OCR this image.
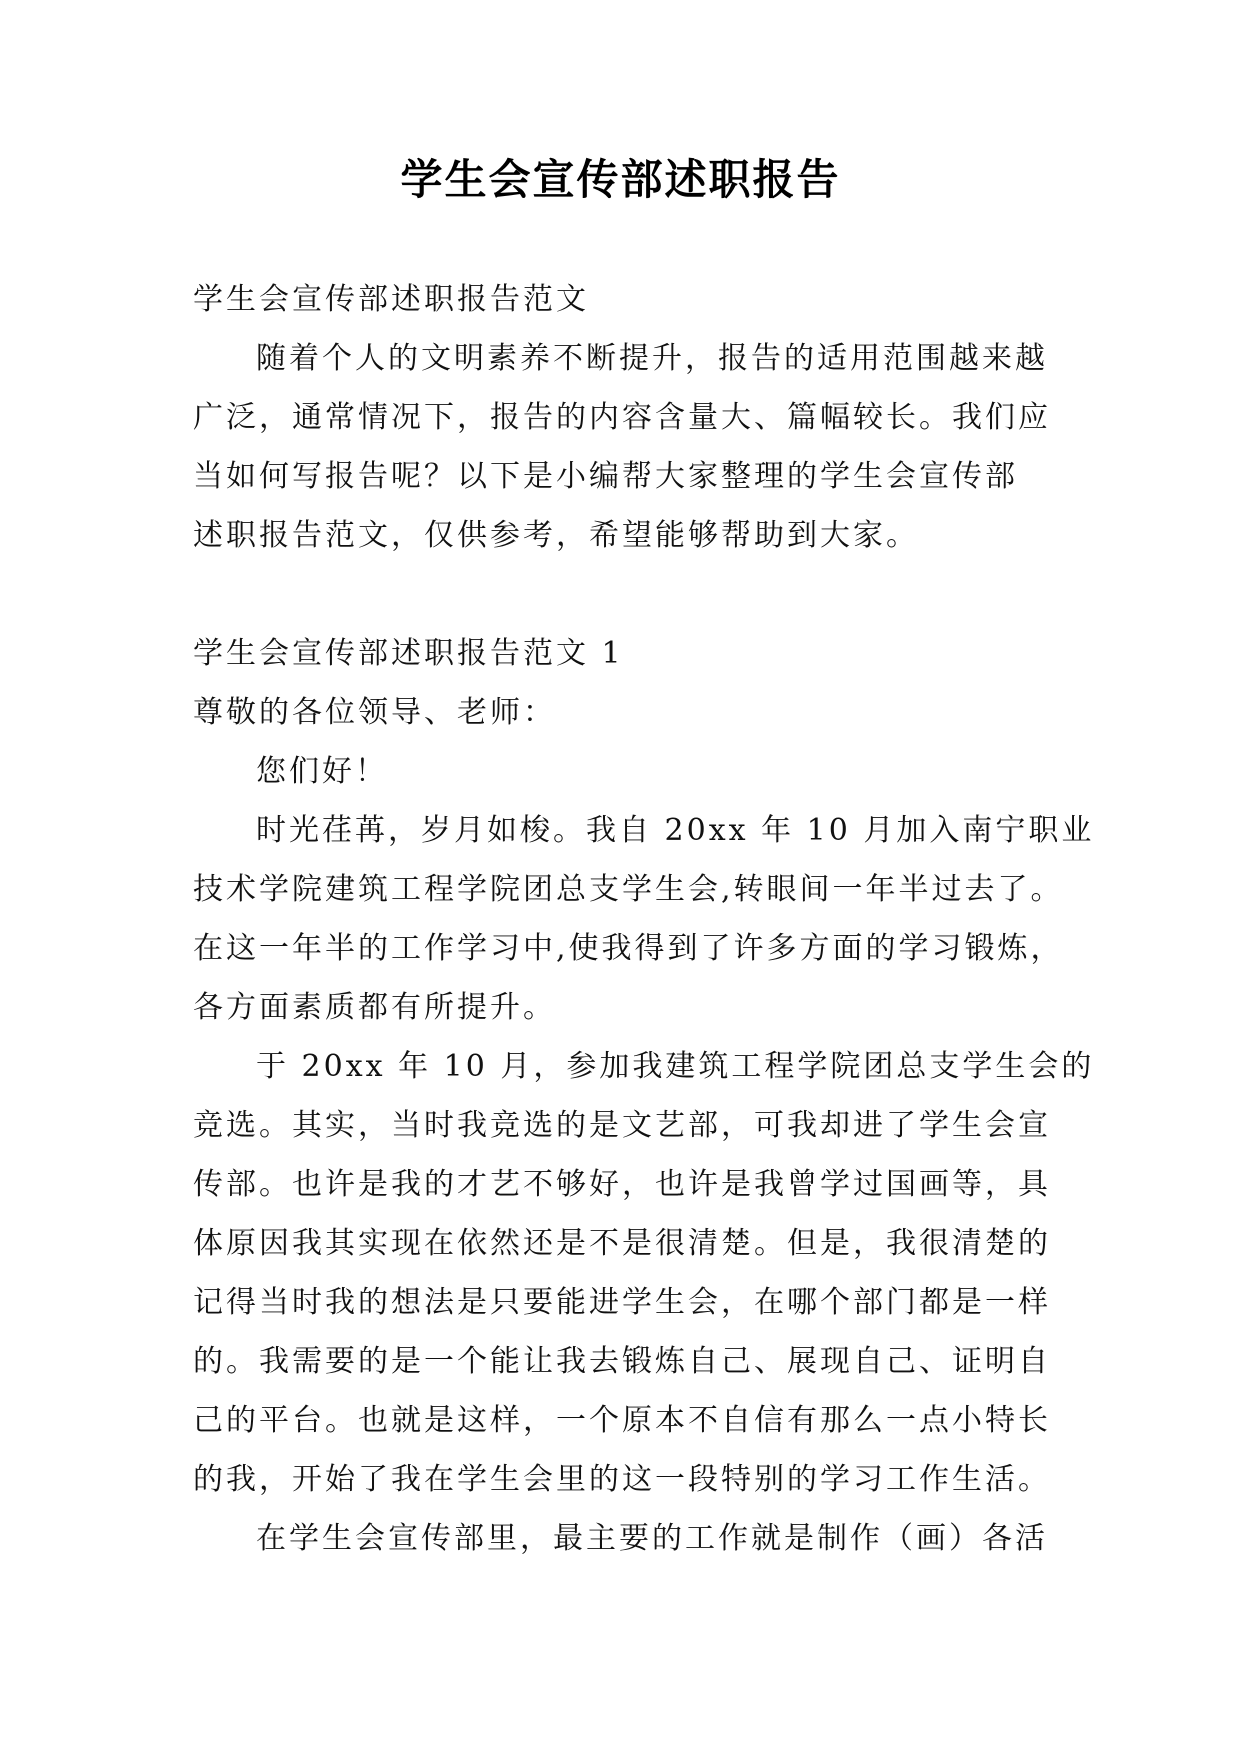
学生会宣传部述职报告
学生会宣传部述职报告范文
随着个人的文明素养不断提升，报告的适用范围越来越
广泛，通常情况下，报告的内容含量大、篇幅较长。我们应
当如何写报告呢？以下是小编帮大家整理的学生会宣传部
述职报告范文，仅供参考，希望能够帮助到大家。
学生会宣传部述职报告范文 1
尊敬的各位领导、老师：
您们好！
时光荏苒，岁月如梭。我自 20xx 年 10 月加入南宁职业
技术学院建筑工程学院团总支学生会,转眼间一年半过去了。
在这一年半的工作学习中,使我得到了许多方面的学习锻炼，
各方面素质都有所提升。
于 20xx 年 10 月，参加我建筑工程学院团总支学生会的
竞选。其实，当时我竞选的是文艺部，可我却进了学生会宣
传部。也许是我的才艺不够好，也许是我曾学过国画等，具
体原因我其实现在依然还是不是很清楚。但是，我很清楚的
记得当时我的想法是只要能进学生会，在哪个部门都是一样
的。我需要的是一个能让我去锻炼自己、展现自己、证明自
己的平台。也就是这样，一个原本不自信有那么一点小特长
的我，开始了我在学生会里的这一段特别的学习工作生活。
在学生会宣传部里，最主要的工作就是制作（画）各活
